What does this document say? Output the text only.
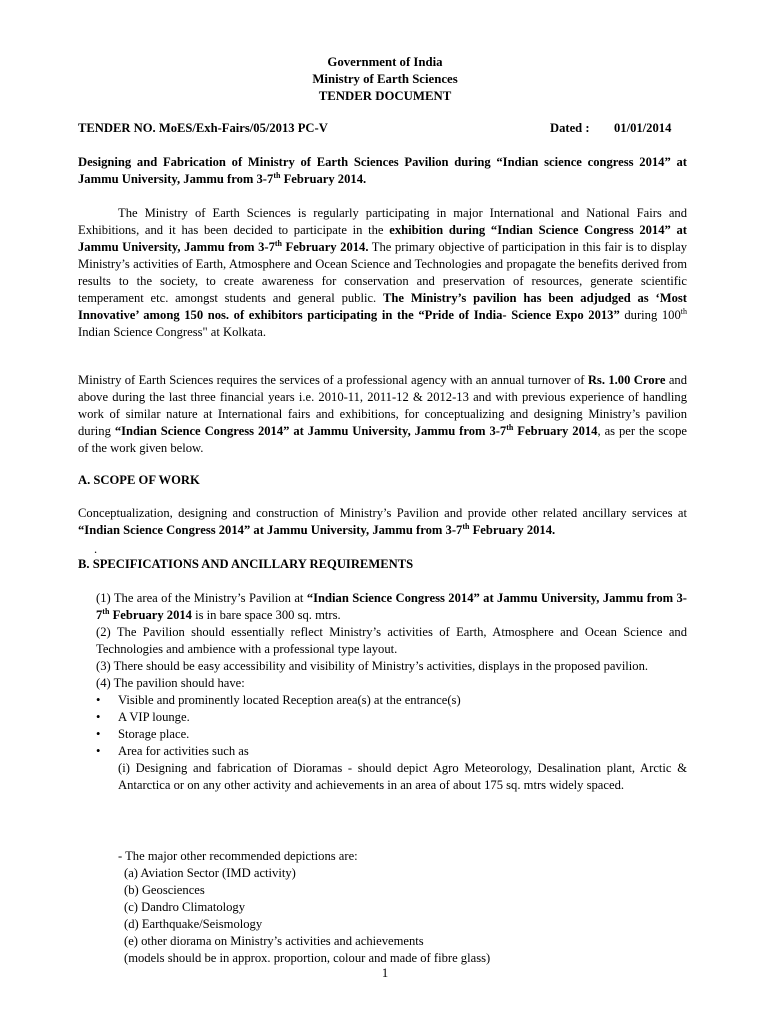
Government of India
Ministry of Earth Sciences
TENDER DOCUMENT
TENDER NO. MoES/Exh-Fairs/05/2013 PC-V	Dated : 01/01/2014
Designing and Fabrication of Ministry of Earth Sciences Pavilion during “Indian science congress 2014” at Jammu University, Jammu from 3-7th February 2014.
The Ministry of Earth Sciences is regularly participating in major International and National Fairs and Exhibitions, and it has been decided to participate in the exhibition during “Indian Science Congress 2014” at Jammu University, Jammu from 3-7th February 2014. The primary objective of participation in this fair is to display Ministry’s activities of Earth, Atmosphere and Ocean Science and Technologies and propagate the benefits derived from results to the society, to create awareness for conservation and preservation of resources, generate scientific temperament etc. amongst students and general public. The Ministry’s pavilion has been adjudged as ‘Most Innovative’ among 150 nos. of exhibitors participating in the “Pride of India- Science Expo 2013” during 100th Indian Science Congress" at Kolkata.
Ministry of Earth Sciences requires the services of a professional agency with an annual turnover of Rs. 1.00 Crore and above during the last three financial years i.e. 2010-11, 2011-12 & 2012-13 and with previous experience of handling work of similar nature at International fairs and exhibitions, for conceptualizing and designing Ministry’s pavilion during “Indian Science Congress 2014” at Jammu University, Jammu from 3-7th February 2014, as per the scope of the work given below.
A. SCOPE OF WORK
Conceptualization, designing and construction of Ministry’s Pavilion and provide other related ancillary services at “Indian Science Congress 2014” at Jammu University, Jammu from 3-7th February 2014.
.
B. SPECIFICATIONS AND ANCILLARY REQUIREMENTS
(1) The area of the Ministry’s Pavilion at “Indian Science Congress 2014” at Jammu University, Jammu from 3-7th February 2014 is in bare space 300 sq. mtrs.
(2) The Pavilion should essentially reflect Ministry’s activities of Earth, Atmosphere and Ocean Science and Technologies and ambience with a professional type layout.
(3) There should be easy accessibility and visibility of Ministry’s activities, displays in the proposed pavilion.
(4) The pavilion should have:
• Visible and prominently located Reception area(s) at the entrance(s)
• A VIP lounge.
• Storage place.
• Area for activities such as
(i) Designing and fabrication of Dioramas - should depict Agro Meteorology, Desalination plant, Arctic & Antarctica or on any other activity and achievements in an area of about 175 sq. mtrs widely spaced.
- The major other recommended depictions are:
(a) Aviation Sector (IMD activity)
(b) Geosciences
(c) Dandro Climatology
(d) Earthquake/Seismology
(e) other diorama on Ministry’s activities and achievements
(models should be in approx. proportion, colour and made of fibre glass)
1
